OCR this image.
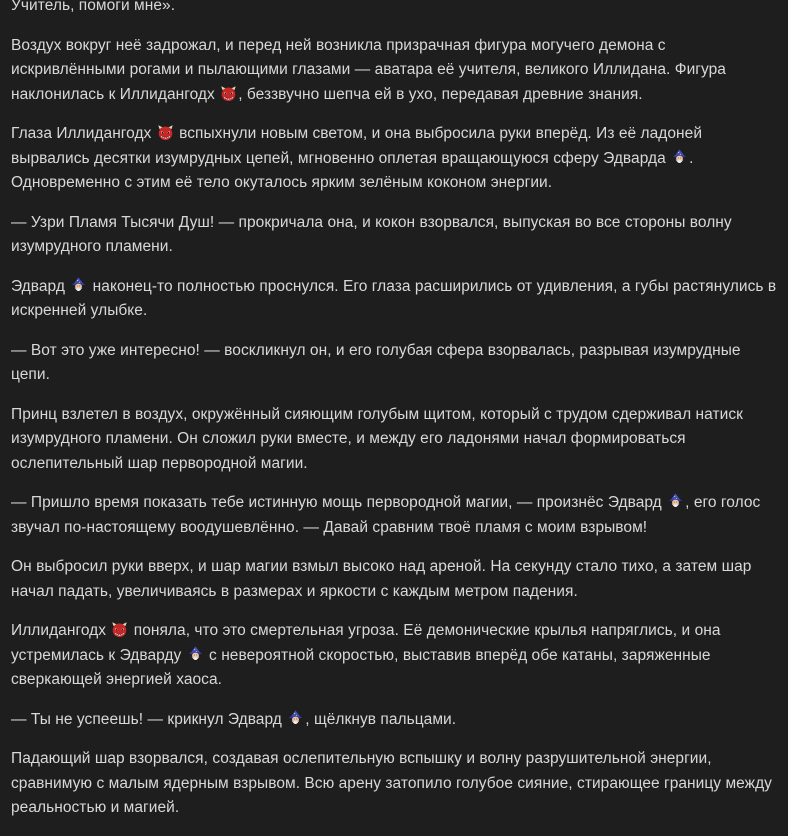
Учитель, помоги мне».

Воздух вокруг неё задрожал, и перед ней возникла призрачная фигура могучего демона с искривлёнными рогами и пылающими глазами — аватара её учителя, великого Иллидана. Фигура наклонилась к Иллидангодх
, беззвучно шепча ей в ухо, передавая древние знания.

Глаза Иллидангодх
вспыхнули новым светом, и она выбросила руки вперёд. Из её ладоней вырвались десятки изумрудных цепей, мгновенно оплетая вращающуюся сферу Эдварда
. Одновременно с этим её тело окуталось ярким зелёным коконом энергии.

— Узри Пламя Тысячи Душ! — прокричала она, и кокон взорвался, выпуская во все стороны волну изумрудного пламени.

Эдвард
наконец-то полностью проснулся. Его глаза расширились от удивления, а губы растянулись в искренней улыбке.

— Вот это уже интересно! — воскликнул он, и его голубая сфера взорвалась, разрывая изумрудные цепи.

Принц взлетел в воздух, окружённый сияющим голубым щитом, который с трудом сдерживал натиск изумрудного пламени. Он сложил руки вместе, и между его ладонями начал формироваться ослепительный шар первородной магии.

— Пришло время показать тебе истинную мощь первородной магии, — произнёс Эдвард
, его голос звучал по-настоящему воодушевлённо. — Давай сравним твоё пламя с моим взрывом!

Он выбросил руки вверх, и шар магии взмыл высоко над ареной. На секунду стало тихо, а затем шар начал падать, увеличиваясь в размерах и яркости с каждым метром падения.

Иллидангодх
поняла, что это смертельная угроза. Её демонические крылья напряглись, и она устремилась к Эдварду
с невероятной скоростью, выставив вперёд обе катаны, заряженные сверкающей энергией хаоса.

— Ты не успеешь! — крикнул Эдвард
, щёлкнув пальцами.

Падающий шар взорвался, создавая ослепительную вспышку и волну разрушительной энергии, сравнимую с малым ядерным взрывом. Всю арену затопило голубое сияние, стирающее границу между реальностью и магией.
